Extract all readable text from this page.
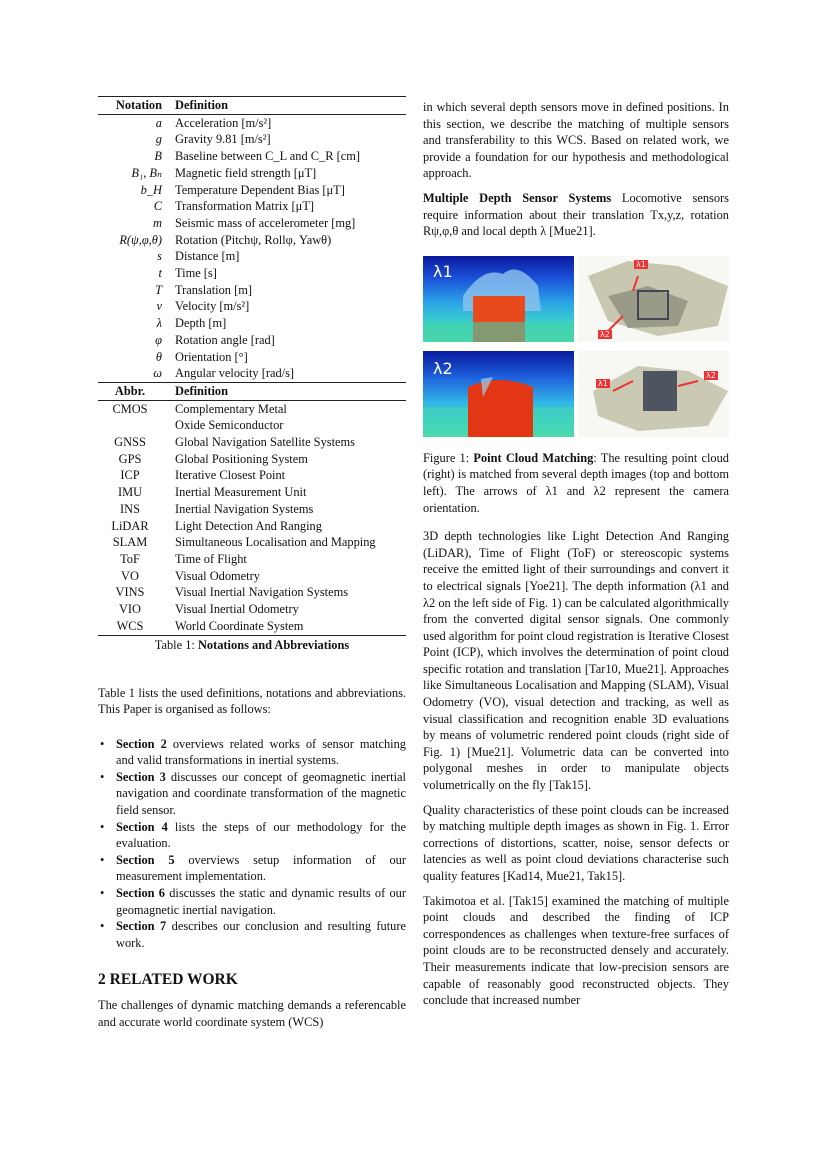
Notation	Definition
a	Acceleration [m/s²]
g	Gravity 9.81 [m/s²]
B	Baseline between C_L and C_R [cm]
B₁, Bₙ	Magnetic field strength [μT]
b_H	Temperature Dependent Bias [μT]
C	Transformation Matrix [μT]
m	Seismic mass of accelerometer [mg]
R(ψ,φ,θ)	Rotation (Pitchψ, Rollφ, Yawθ)
s	Distance [m]
t	Time [s]
T	Translation [m]
v	Velocity [m/s²]
λ	Depth [m]
φ	Rotation angle [rad]
θ	Orientation [°]
ω	Angular velocity [rad/s]
Abbr.	Definition
CMOS	Complementary Metal
	Oxide Semiconductor
GNSS	Global Navigation Satellite Systems
GPS	Global Positioning System
ICP	Iterative Closest Point
IMU	Inertial Measurement Unit
INS	Inertial Navigation Systems
LiDAR	Light Detection And Ranging
SLAM	Simultaneous Localisation and Mapping
ToF	Time of Flight
VO	Visual Odometry
VINS	Visual Inertial Navigation Systems
VIO	Visual Inertial Odometry
WCS	World Coordinate System
Table 1: Notations and Abbreviations

Table 1 lists the used definitions, notations and abbreviations. This Paper is organised as follows:

• Section 2 overviews related works of sensor matching and valid transformations in inertial systems.
• Section 3 discusses our concept of geomagnetic inertial navigation and coordinate transformation of the magnetic field sensor.
• Section 4 lists the steps of our methodology for the evaluation.
• Section 5 overviews setup information of our measurement implementation.
• Section 6 discusses the static and dynamic results of our geomagnetic inertial navigation.
• Section 7 describes our conclusion and resulting future work.
2 RELATED WORK

The challenges of dynamic matching demands a referencable and accurate world coordinate system (WCS)

in which several depth sensors move in defined positions. In this section, we describe the matching of multiple sensors and transferability to this WCS. Based on related work, we provide a foundation for our hypothesis and methodological approach.

Multiple Depth Sensor Systems Locomotive sensors require information about their translation Tx,y,z, rotation Rψ,φ,θ and local depth λ [Mue21].

λ1
λ2
λ1
λ2
λ1
λ2

Figure 1: Point Cloud Matching: The resulting point cloud (right) is matched from several depth images (top and bottom left). The arrows of λ1 and λ2 represent the camera orientation.

3D depth technologies like Light Detection And Ranging (LiDAR), Time of Flight (ToF) or stereoscopic systems receive the emitted light of their surroundings and convert it to electrical signals [Yoe21]. The depth information (λ1 and λ2 on the left side of Fig. 1) can be calculated algorithmically from the converted digital sensor signals. One commonly used algorithm for point cloud registration is Iterative Closest Point (ICP), which involves the determination of point cloud specific rotation and translation [Tar10, Mue21]. Approaches like Simultaneous Localisation and Mapping (SLAM), Visual Odometry (VO), visual detection and tracking, as well as visual classification and recognition enable 3D evaluations by means of volumetric rendered point clouds (right side of Fig. 1) [Mue21]. Volumetric data can be converted into polygonal meshes in order to manipulate objects volumetrically on the fly [Tak15].

Quality characteristics of these point clouds can be increased by matching multiple depth images as shown in Fig. 1. Error corrections of distortions, scatter, noise, sensor defects or latencies as well as point cloud deviations characterise such quality features [Kad14, Mue21, Tak15].

Takimotoa et al. [Tak15] examined the matching of multiple point clouds and described the finding of ICP correspondences as challenges when texture-free surfaces of point clouds are to be reconstructed densely and accurately. Their measurements indicate that low-precision sensors are capable of reasonably good reconstructed objects. They conclude that increased number
